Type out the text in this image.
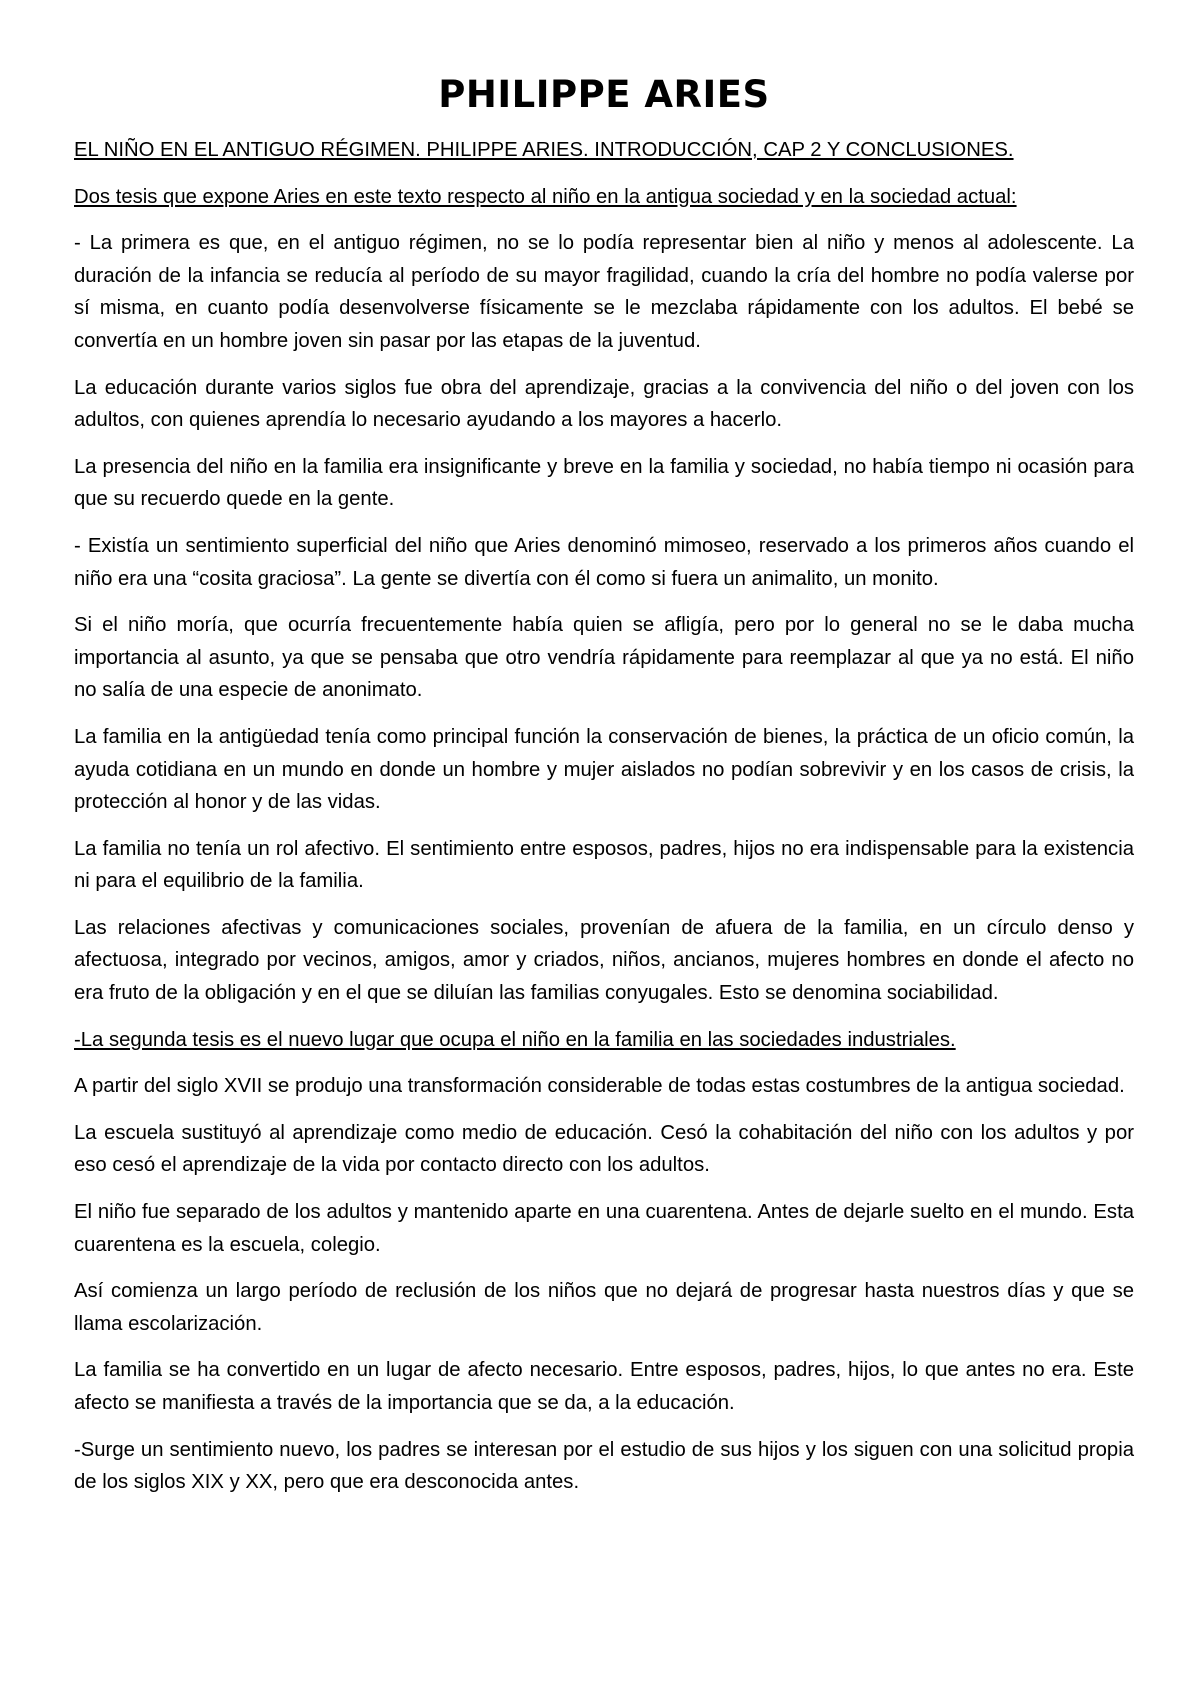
PHILIPPE ARIES

EL NIÑO EN EL ANTIGUO RÉGIMEN. PHILIPPE ARIES. INTRODUCCIÓN, CAP 2 Y CONCLUSIONES.

Dos tesis que expone Aries en este texto respecto al niño en la antigua sociedad y en la sociedad actual:

- La primera es que, en el antiguo régimen, no se lo podía representar bien al niño y menos al adolescente. La duración de la infancia se reducía al período de su mayor fragilidad, cuando la cría del hombre no podía valerse por sí misma, en cuanto podía desenvolverse físicamente se le mezclaba rápidamente con los adultos. El bebé se convertía en un hombre joven sin pasar por las etapas de la juventud.

La educación durante varios siglos fue obra del aprendizaje, gracias a la convivencia del niño o del joven con los adultos, con quienes aprendía lo necesario ayudando a los mayores a hacerlo.

La presencia del niño en la familia era insignificante y breve en la familia y sociedad, no había tiempo ni ocasión para que su recuerdo quede en la gente.

- Existía un sentimiento superficial del niño que Aries denominó mimoseo, reservado a los primeros años cuando el niño era una “cosita graciosa”. La gente se divertía con él como si fuera un animalito, un monito.

Si el niño moría, que ocurría frecuentemente había quien se afligía, pero por lo general no se le daba mucha importancia al asunto, ya que se pensaba que otro vendría rápidamente para reemplazar al que ya no está. El niño no salía de una especie de anonimato.

La familia en la antigüedad tenía como principal función la conservación de bienes, la práctica de un oficio común, la ayuda cotidiana en un mundo en donde un hombre y mujer aislados no podían sobrevivir y en los casos de crisis, la protección al honor y de las vidas.

La familia no tenía un rol afectivo. El sentimiento entre esposos, padres, hijos no era indispensable para la existencia ni para el equilibrio de la familia.

Las relaciones afectivas y comunicaciones sociales, provenían de afuera de la familia, en un círculo denso y afectuosa, integrado por vecinos, amigos, amor y criados, niños, ancianos, mujeres hombres en donde el afecto no era fruto de la obligación y en el que se diluían las familias conyugales. Esto se denomina sociabilidad.

-La segunda tesis es el nuevo lugar que ocupa el niño en la familia en las sociedades industriales.

A partir del siglo XVII se produjo una transformación considerable de todas estas costumbres de la antigua sociedad.

La escuela sustituyó al aprendizaje como medio de educación. Cesó la cohabitación del niño con los adultos y por eso cesó el aprendizaje de la vida por contacto directo con los adultos.

El niño fue separado de los adultos y mantenido aparte en una cuarentena. Antes de dejarle suelto en el mundo. Esta cuarentena es la escuela, colegio.

Así comienza un largo período de reclusión de los niños que no dejará de progresar hasta nuestros días y que se llama escolarización.

La familia se ha convertido en un lugar de afecto necesario. Entre esposos, padres, hijos, lo que antes no era. Este afecto se manifiesta a través de la importancia que se da, a la educación.

-Surge un sentimiento nuevo, los padres se interesan por el estudio de sus hijos y los siguen con una solicitud propia de los siglos XIX y XX, pero que era desconocida antes.
